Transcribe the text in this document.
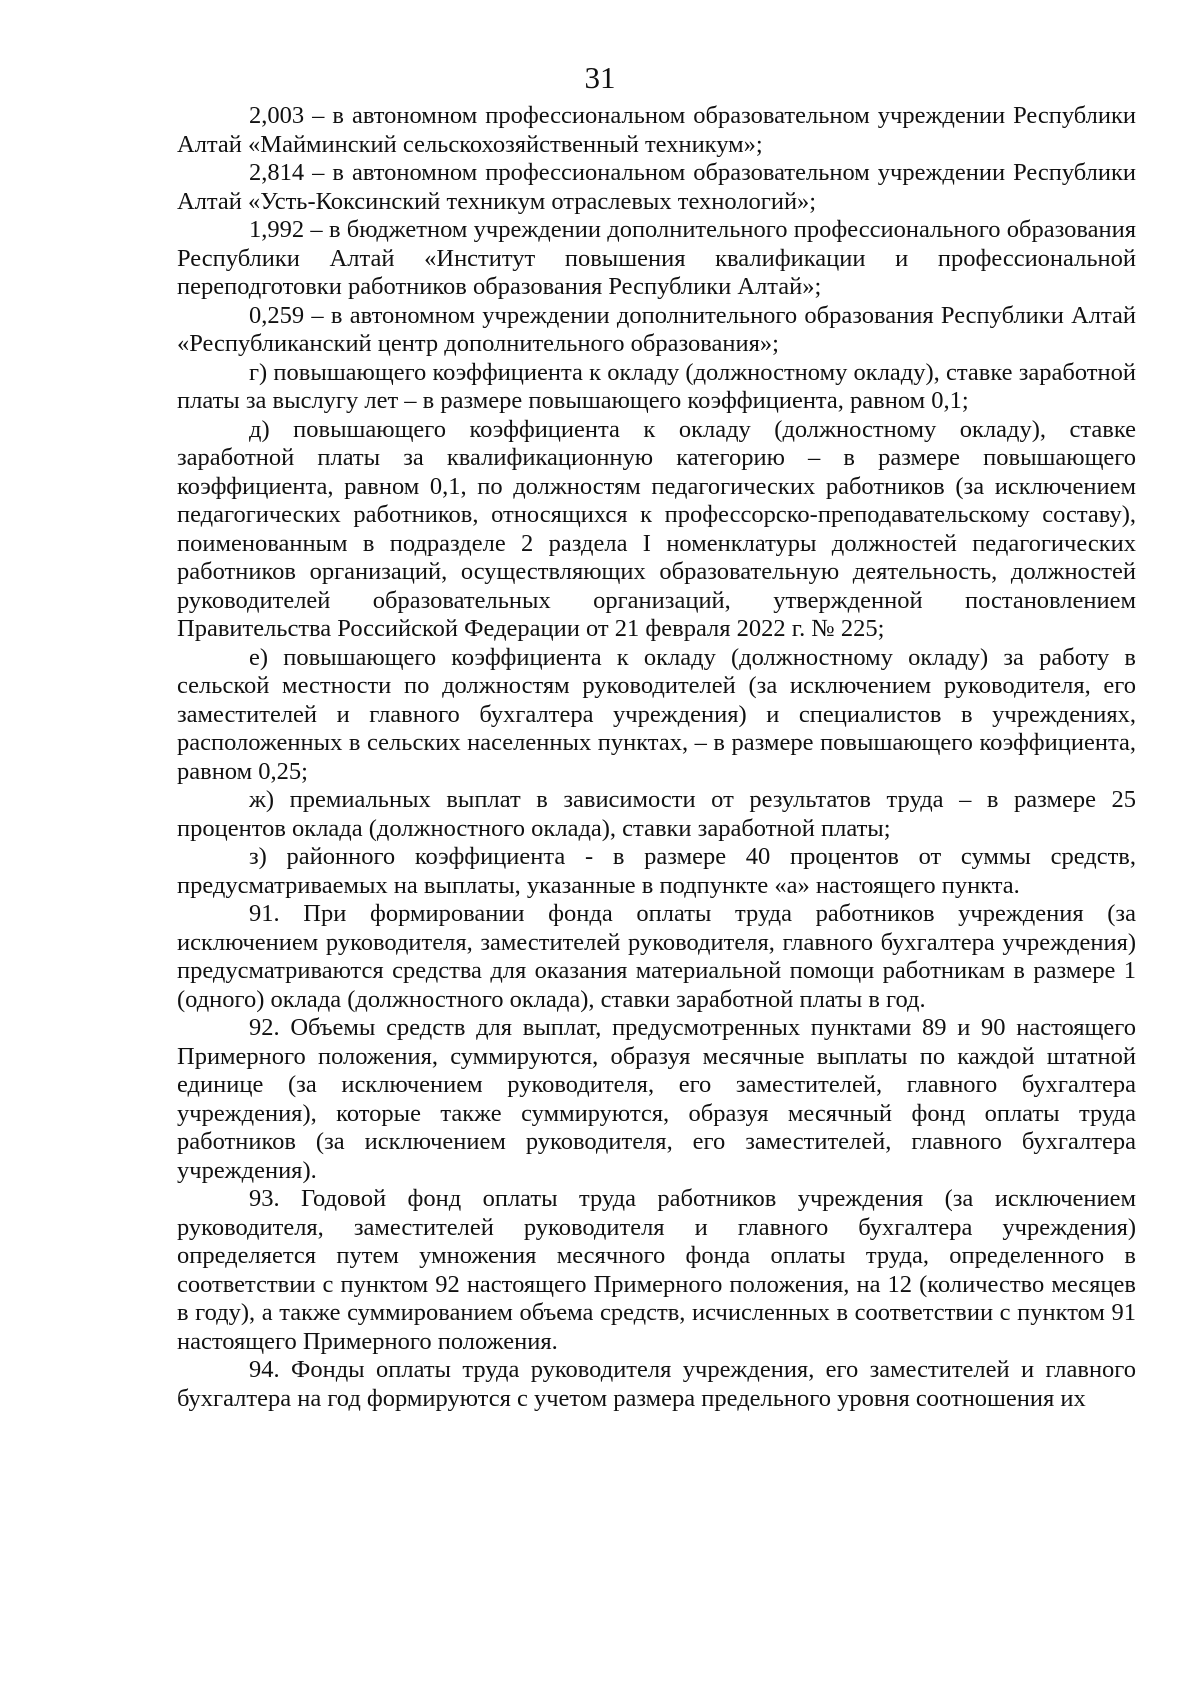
31

2,003 – в автономном профессиональном образовательном учреждении Республики Алтай «Майминский сельскохозяйственный техникум»;

2,814 – в автономном профессиональном образовательном учреждении Республики Алтай «Усть-Коксинский техникум отраслевых технологий»;

1,992 – в бюджетном учреждении дополнительного профессионального образования Республики Алтай «Институт повышения квалификации и профессиональной переподготовки работников образования Республики Алтай»;

0,259 – в автономном учреждении дополнительного образования Республики Алтай «Республиканский центр дополнительного образования»;

г) повышающего коэффициента к окладу (должностному окладу), ставке заработной платы за выслугу лет – в размере повышающего коэффициента, равном 0,1;

д) повышающего коэффициента к окладу (должностному окладу), ставке заработной платы за квалификационную категорию – в размере повышающего коэффициента, равном 0,1, по должностям педагогических работников (за исключением педагогических работников, относящихся к профессорско-преподавательскому составу), поименованным в подразделе 2 раздела I номенклатуры должностей педагогических работников организаций, осуществляющих образовательную деятельность, должностей руководителей образовательных организаций, утвержденной постановлением Правительства Российской Федерации от 21 февраля 2022 г. № 225;

е) повышающего коэффициента к окладу (должностному окладу) за работу в сельской местности по должностям руководителей (за исключением руководителя, его заместителей и главного бухгалтера учреждения) и специалистов в учреждениях, расположенных в сельских населенных пунктах, – в размере повышающего коэффициента, равном 0,25;

ж) премиальных выплат в зависимости от результатов труда – в размере 25 процентов оклада (должностного оклада), ставки заработной платы;

з) районного коэффициента - в размере 40 процентов от суммы средств, предусматриваемых на выплаты, указанные в подпункте «а» настоящего пункта.

91. При формировании фонда оплаты труда работников учреждения (за исключением руководителя, заместителей руководителя, главного бухгалтера учреждения) предусматриваются средства для оказания материальной помощи работникам в размере 1 (одного) оклада (должностного оклада), ставки заработной платы в год.

92. Объемы средств для выплат, предусмотренных пунктами 89 и 90 настоящего Примерного положения, суммируются, образуя месячные выплаты по каждой штатной единице (за исключением руководителя, его заместителей, главного бухгалтера учреждения), которые также суммируются, образуя месячный фонд оплаты труда работников (за исключением руководителя, его заместителей, главного бухгалтера учреждения).

93. Годовой фонд оплаты труда работников учреждения (за исключением руководителя, заместителей руководителя и главного бухгалтера учреждения) определяется путем умножения месячного фонда оплаты труда, определенного в соответствии с пунктом 92 настоящего Примерного положения, на 12 (количество месяцев в году), а также суммированием объема средств, исчисленных в соответствии с пунктом 91 настоящего Примерного положения.

94. Фонды оплаты труда руководителя учреждения, его заместителей и главного бухгалтера на год формируются с учетом размера предельного уровня соотношения их
